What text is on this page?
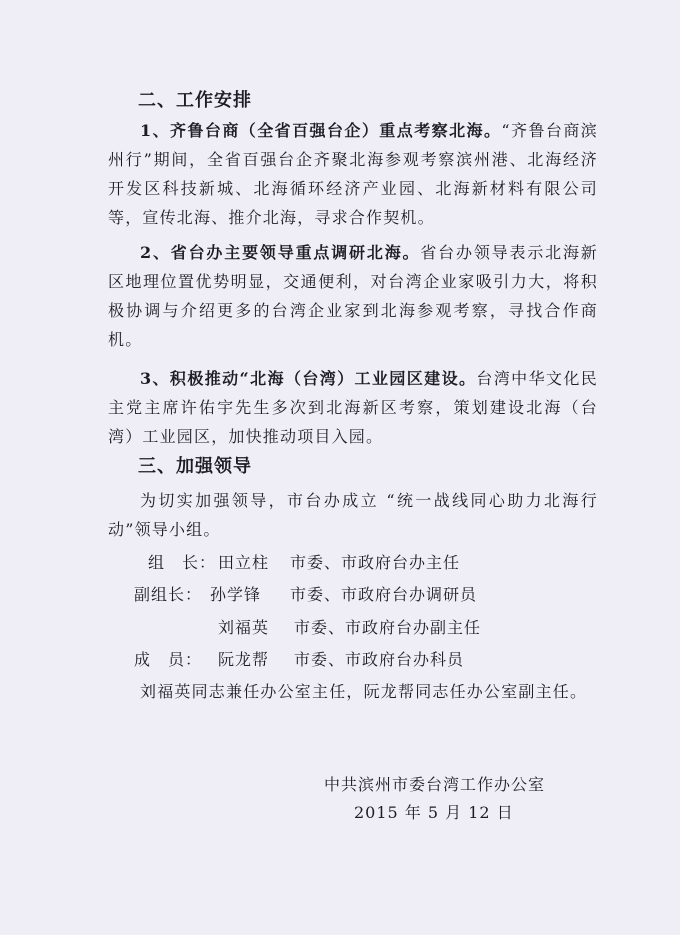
二、工作安排
1、齐鲁台商（全省百强台企）重点考察北海。“齐鲁台商滨州行”期间，全省百强台企齐聚北海参观考察滨州港、北海经济开发区科技新城、北海循环经济产业园、北海新材料有限公司等，宣传北海、推介北海，寻求合作契机。
2、省台办主要领导重点调研北海。省台办领导表示北海新区地理位置优势明显，交通便利，对台湾企业家吸引力大，将积极协调与介绍更多的台湾企业家到北海参观考察，寻找合作商机。
3、积极推动“北海（台湾）工业园区建设。台湾中华文化民主党主席许佑宇先生多次到北海新区考察，策划建设北海（台湾）工业园区，加快推动项目入园。
三、加强领导
为切实加强领导，市台办成立 “统一战线同心助力北海行动”领导小组。
组　长： 田立柱 市委、市政府台办主任
副组长： 孙学锋 市委、市政府台办调研员
刘福英 市委、市政府台办副主任
成　员： 阮龙帮 市委、市政府台办科员
刘福英同志兼任办公室主任，阮龙帮同志任办公室副主任。
中共滨州市委台湾工作办公室
2015 年 5 月 12 日
